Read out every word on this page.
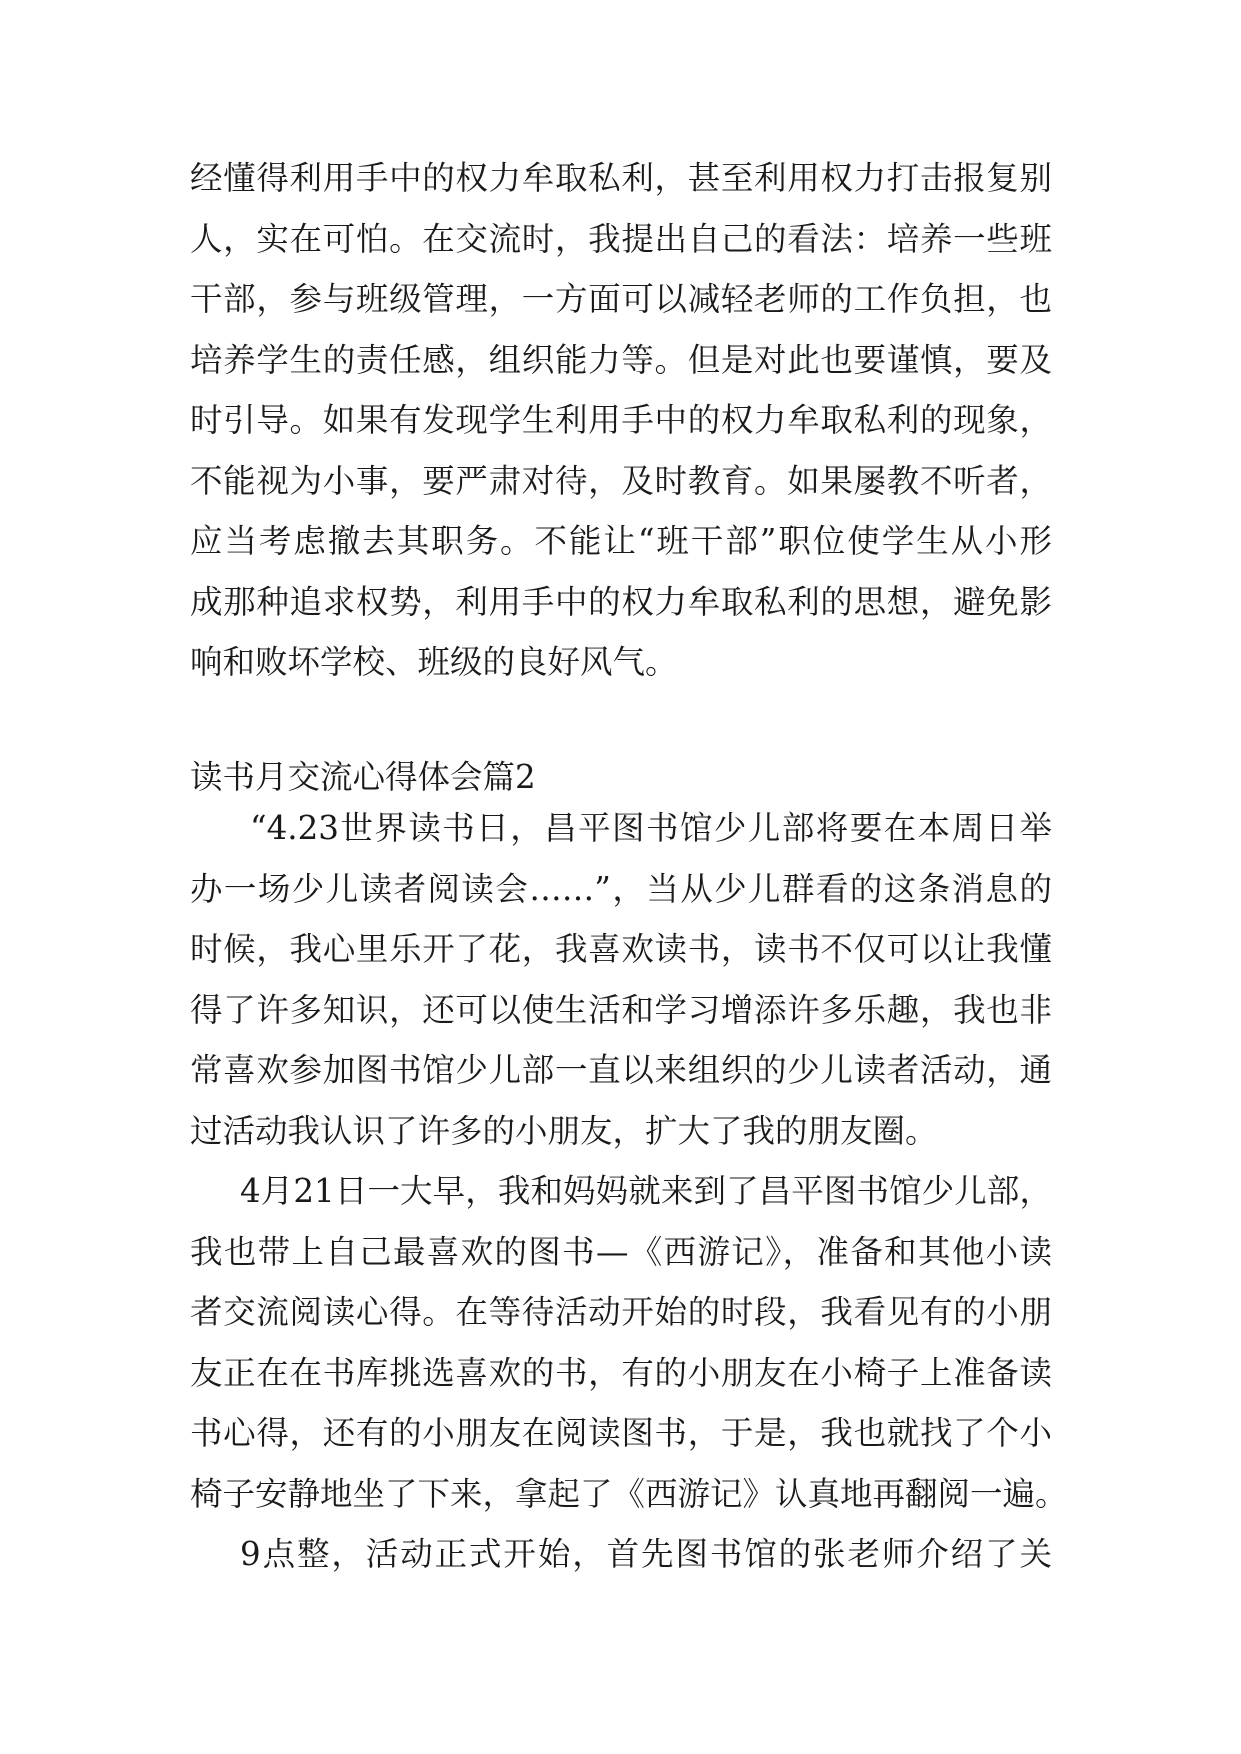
经懂得利用手中的权力牟取私利，甚至利用权力打击报复别
人，实在可怕。在交流时，我提出自己的看法：培养一些班
干部，参与班级管理，一方面可以减轻老师的工作负担，也
培养学生的责任感，组织能力等。但是对此也要谨慎，要及
时引导。如果有发现学生利用手中的权力牟取私利的现象，
不能视为小事，要严肃对待，及时教育。如果屡教不听者，
应当考虑撤去其职务。不能让“班干部”职位使学生从小形
成那种追求权势，利用手中的权力牟取私利的思想，避免影
响和败坏学校、班级的良好风气。
读书月交流心得体会篇2
“4.23世界读书日，昌平图书馆少儿部将要在本周日举
办一场少儿读者阅读会……”，当从少儿群看的这条消息的
时候，我心里乐开了花，我喜欢读书，读书不仅可以让我懂
得了许多知识，还可以使生活和学习增添许多乐趣，我也非
常喜欢参加图书馆少儿部一直以来组织的少儿读者活动，通
过活动我认识了许多的小朋友，扩大了我的朋友圈。
4月21日一大早，我和妈妈就来到了昌平图书馆少儿部，
我也带上自己最喜欢的图书—《西游记》，准备和其他小读
者交流阅读心得。在等待活动开始的时段，我看见有的小朋
友正在在书库挑选喜欢的书，有的小朋友在小椅子上准备读
书心得，还有的小朋友在阅读图书，于是，我也就找了个小
椅子安静地坐了下来，拿起了《西游记》认真地再翻阅一遍。
9点整，活动正式开始，首先图书馆的张老师介绍了关
